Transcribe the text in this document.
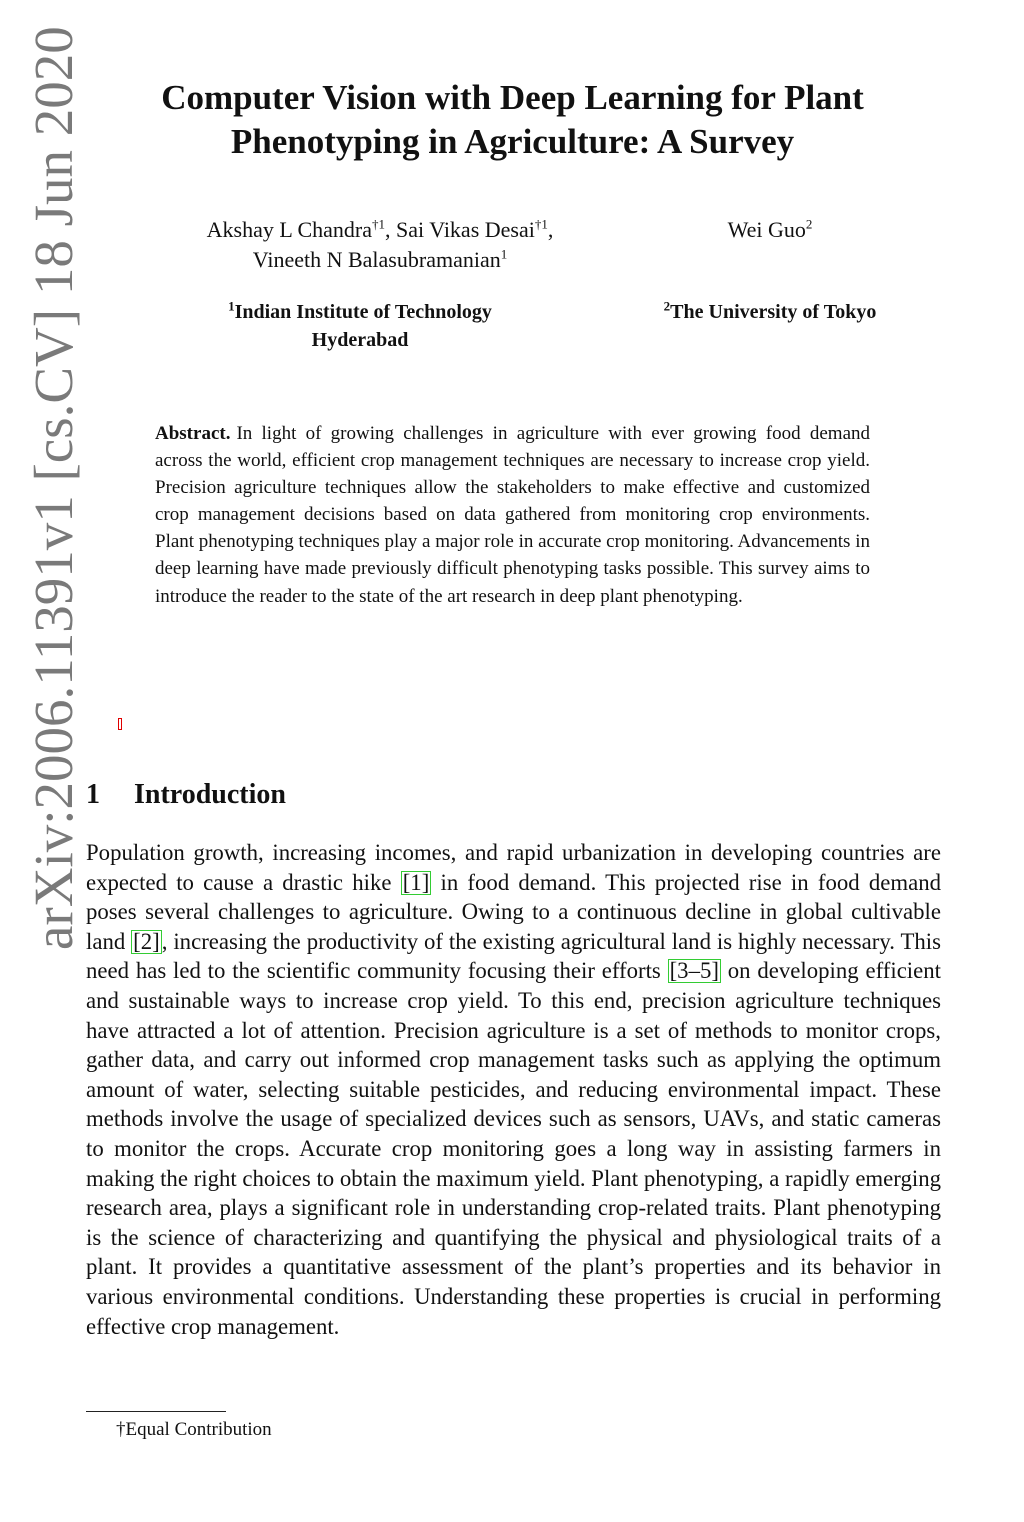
arXiv:2006.11391v1 [cs.CV] 18 Jun 2020	Computer Vision with Deep Learning for Plant
Phenotyping in Agriculture: A Survey
Akshay L Chandra$^{\dagger 1}$, Sai Vikas Desai$^{\dagger 1}$,
Vineeth N Balasubramanian$^1$
Wei Guo$^2$
$^1$Indian Institute of Technology
Hyderabad
$^2$The University of Tokyo
Abstract. In light of growing challenges in agriculture with ever growing food demand across the world, efficient crop management techniques are necessary to increase crop yield. Precision agriculture techniques allow the stakeholders to make effective and customized crop management decisions based on data gathered from monitoring crop environments. Plant phenotyping techniques play a major role in accurate crop monitoring. Advancements in deep learning have made previously difficult phenotyping tasks possible. This survey aims to introduce the reader to the state of the art research in deep plant phenotyping.
1 Introduction

Population growth, increasing incomes, and rapid urbanization in developing countries are expected to cause a drastic hike [1] in food demand. This projected rise in food demand poses several challenges to agriculture. Owing to a continuous decline in global cultivable land [2], increasing the productivity of the existing agricultural land is highly necessary. This need has led to the scientific community focusing their efforts [3–5] on developing efficient and sustainable ways to increase crop yield. To this end, precision agriculture techniques have attracted a lot of attention. Precision agriculture is a set of methods to monitor crops, gather data, and carry out informed crop management tasks such as applying the optimum amount of water, selecting suitable pesticides, and reducing environmental impact. These methods involve the usage of specialized devices such as sensors, UAVs, and static cameras to monitor the crops. Accurate crop monitoring goes a long way in assisting farmers in making the right choices to obtain the maximum yield. Plant phenotyping, a rapidly emerging research area, plays a significant role in understanding crop-related traits. Plant phenotyping is the science of characterizing and quantifying the physical and physiological traits of a plant. It provides a quantitative assessment of the plant’s properties and its behavior in various environmental conditions. Understanding these properties is crucial in performing effective crop management.

†Equal Contribution
